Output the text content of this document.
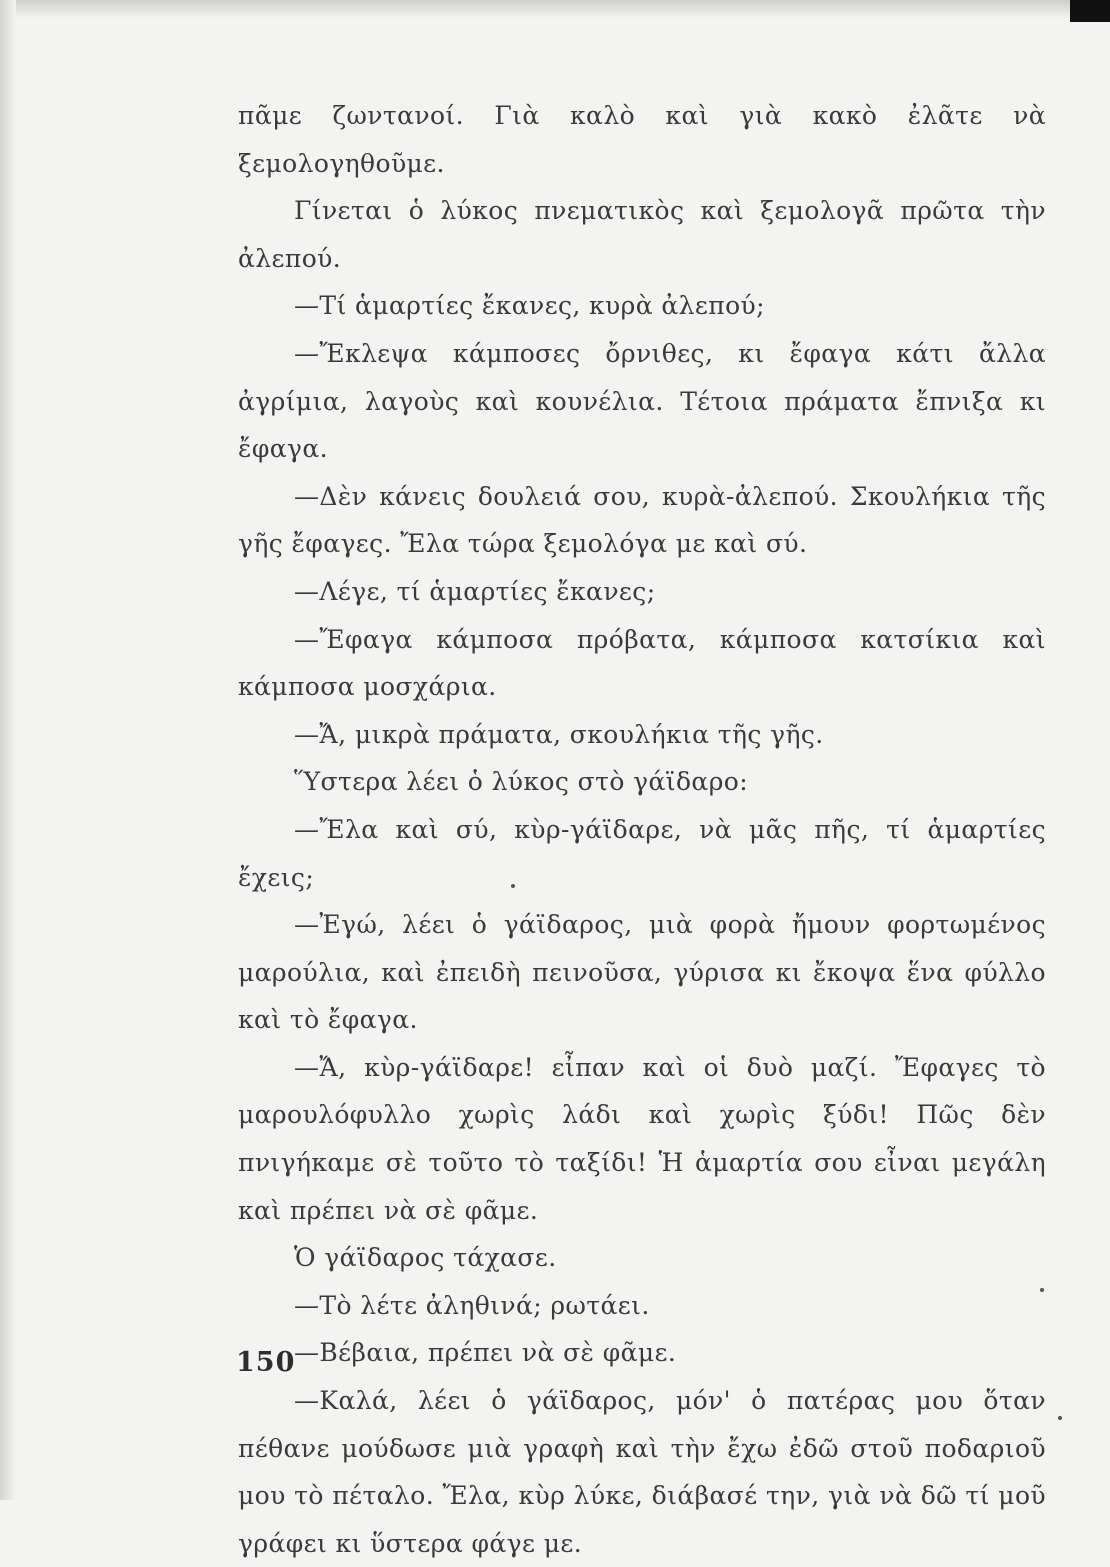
πᾶμε ζωντανοί. Γιὰ καλὸ καὶ γιὰ κακὸ ἐλᾶτε νὰ ξεμολογηθοῦμε.

Γίνεται ὁ λύκος πνεματικὸς καὶ ξεμολογᾶ πρῶτα τὴν ἀλεπού.

—Τί ἁμαρτίες ἔκανες, κυρὰ ἀλεπού;

—Ἔκλεψα κάμποσες ὄρνιθες, κι ἔφαγα κάτι ἄλλα ἀγρίμια, λαγοὺς καὶ κουνέλια. Τέτοια πράματα ἔπνιξα κι ἔφαγα.

—Δὲν κάνεις δουλειά σου, κυρὰ-ἀλεπού. Σκουλήκια τῆς γῆς ἔφαγες. Ἔλα τώρα ξεμολόγα με καὶ σύ.

—Λέγε, τί ἁμαρτίες ἔκανες;

—Ἔφαγα κάμποσα πρόβατα, κάμποσα κατσίκια καὶ κάμποσα μοσχάρια.

—Ἄ, μικρὰ πράματα, σκουλήκια τῆς γῆς.

Ὕστερα λέει ὁ λύκος στὸ γάϊδαρο:

—Ἔλα καὶ σύ, κὺρ-γάϊδαρε, νὰ μᾶς πῆς, τί ἁμαρτίες ἔχεις;

—Ἐγώ, λέει ὁ γάϊδαρος, μιὰ φορὰ ἤμουν φορτωμένος μαρούλια, καὶ ἐπειδὴ πεινοῦσα, γύρισα κι ἔκοψα ἕνα φύλλο καὶ τὸ ἔφαγα.

—Ἄ, κὺρ-γάϊδαρε! εἶπαν καὶ οἱ δυὸ μαζί. Ἔφαγες τὸ μαρουλόφυλλο χωρὶς λάδι καὶ χωρὶς ξύδι! Πῶς δὲν πνιγήκαμε σὲ τοῦτο τὸ ταξίδι! Ἡ ἁμαρτία σου εἶναι μεγάλη καὶ πρέπει νὰ σὲ φᾶμε.

Ὁ γάϊδαρος τάχασε.

—Τὸ λέτε ἀληθινά; ρωτάει.

—Βέβαια, πρέπει νὰ σὲ φᾶμε.

—Καλά, λέει ὁ γάϊδαρος, μόν' ὁ πατέρας μου ὅταν πέθανε μούδωσε μιὰ γραφὴ καὶ τὴν ἔχω ἐδῶ στοῦ ποδαριοῦ μου τὸ πέταλο. Ἔλα, κὺρ λύκε, διάβασέ την, γιὰ νὰ δῶ τί μοῦ γράφει κι ὕστερα φάγε με.

150
